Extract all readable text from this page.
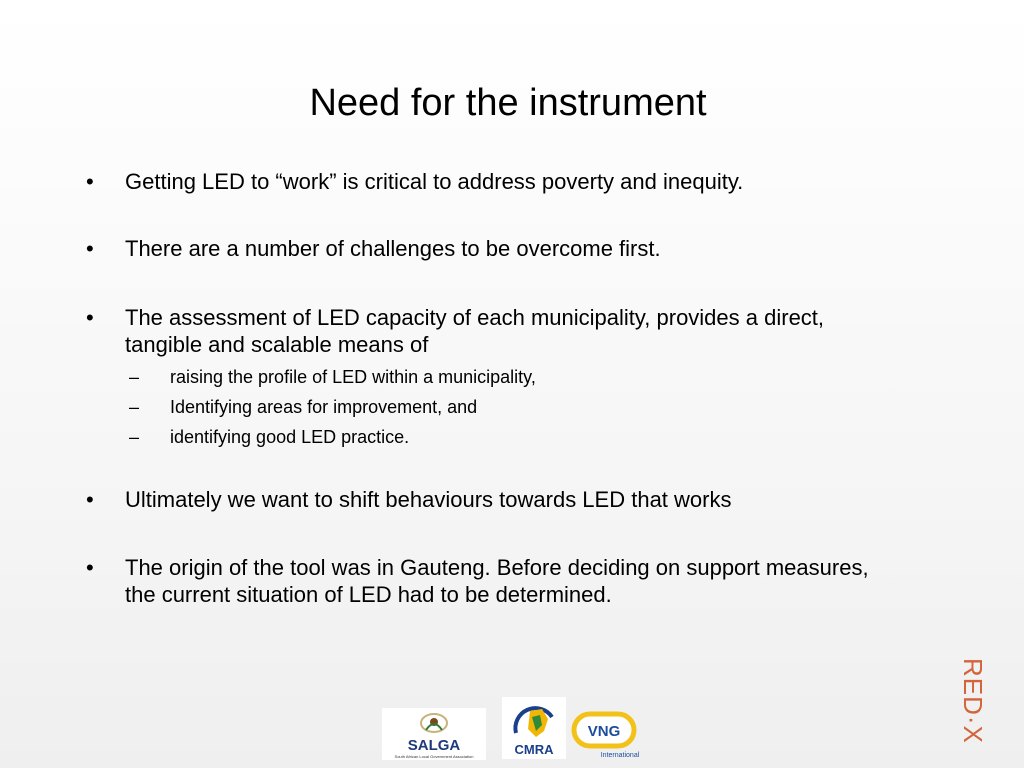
Need for the instrument
• Getting LED to “work” is critical to address poverty and inequity.
• There are a number of challenges to be overcome first.
• The assessment of LED capacity of each municipality, provides a direct, tangible and scalable means of
– raising the profile of LED within a municipality,
– Identifying areas for improvement, and
– identifying good LED practice.
• Ultimately we want to shift behaviours towards LED that works
• The origin of the tool was in Gauteng. Before deciding on support measures, the current situation of LED had to be determined.
RED·X
SALGA
South African Local Government Association	CMRA
VNG
International
